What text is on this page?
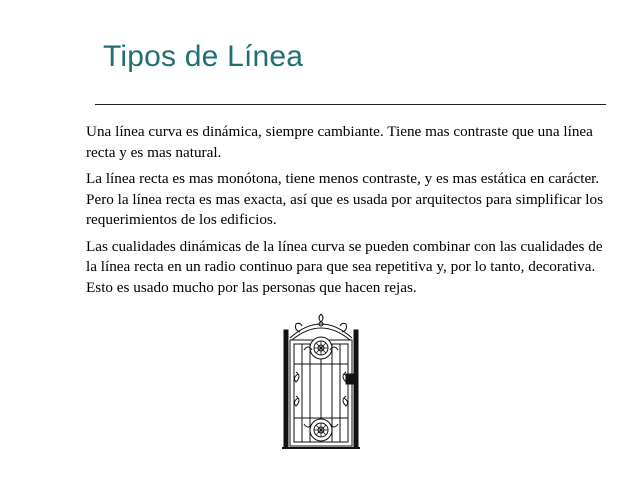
Tipos de Línea

Una línea curva es dinámica, siempre cambiante. Tiene mas contraste que una línea recta y es mas natural.

La línea recta es mas monótona, tiene menos contraste, y es mas estática en carácter. Pero la línea recta es mas exacta, así que es usada por arquitectos para simplificar los requerimientos de los edificios.

Las cualidades dinámicas de la línea curva se pueden combinar con las cualidades de la línea recta en un radio continuo para que sea repetitiva y, por lo tanto, decorativa. Esto es usado mucho por las personas que hacen rejas.
